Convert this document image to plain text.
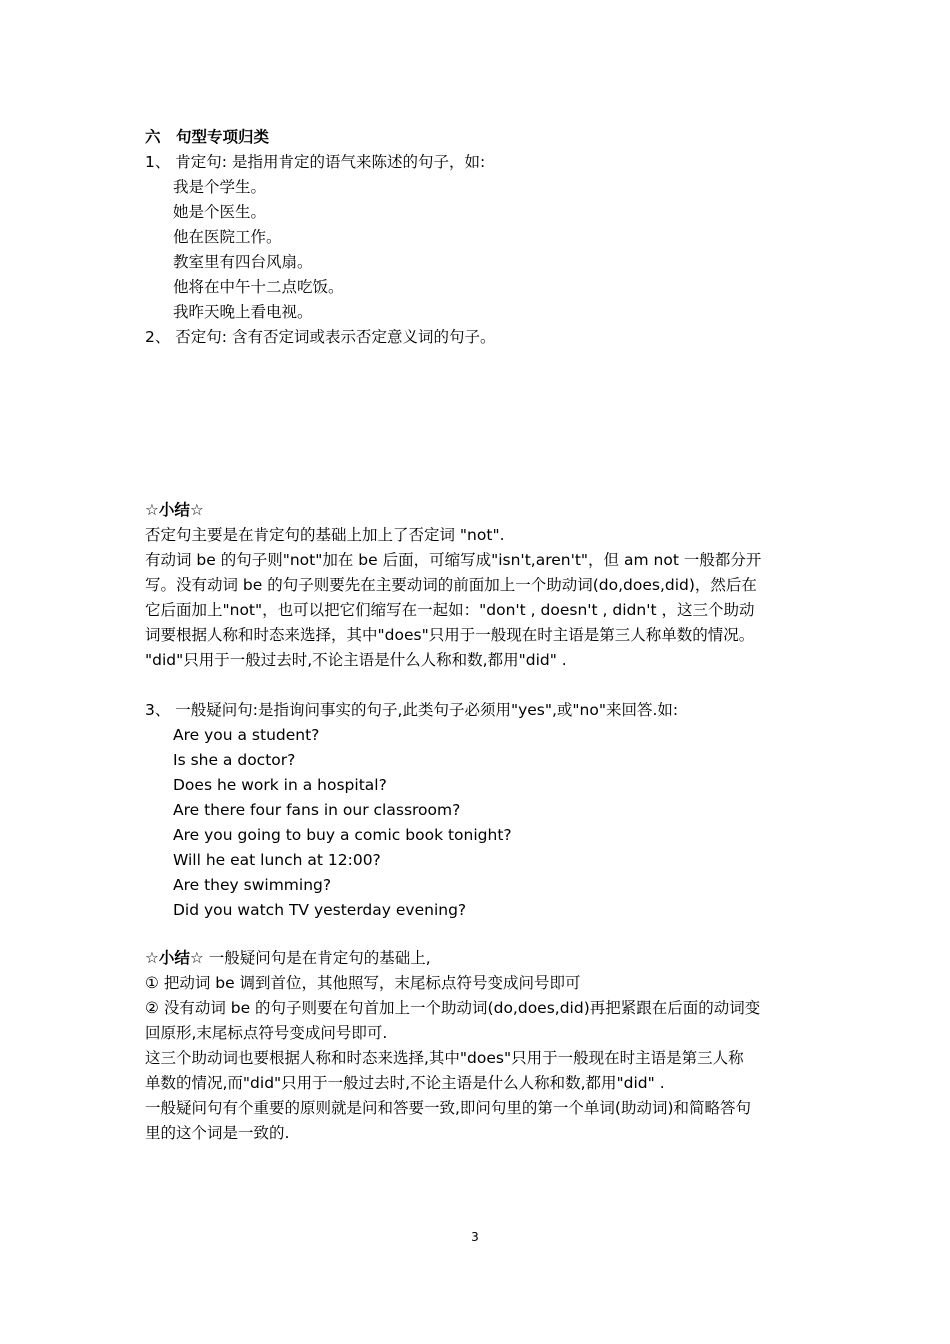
六　句型专项归类
1、 肯定句: 是指用肯定的语气来陈述的句子，如:
我是个学生。
她是个医生。
他在医院工作。
教室里有四台风扇。
他将在中午十二点吃饭。
我昨天晚上看电视。
2、 否定句: 含有否定词或表示否定意义词的句子。
☆小结☆
否定句主要是在肯定句的基础上加上了否定词 "not".
有动词 be 的句子则"not"加在 be 后面，可缩写成"isn't,aren't"，但 am not 一般都分开
写。没有动词 be 的句子则要先在主要动词的前面加上一个助动词(do,does,did)，然后在
它后面加上"not"，也可以把它们缩写在一起如："don't , doesn't , didn't ，这三个助动
词要根据人称和时态来选择，其中"does"只用于一般现在时主语是第三人称单数的情况。
"did"只用于一般过去时,不论主语是什么人称和数,都用"did" .
3、 一般疑问句:是指询问事实的句子,此类句子必须用"yes",或"no"来回答.如:
Are you a student?
Is she a doctor?
Does he work in a hospital?
Are there four fans in our classroom?
Are you going to buy a comic book tonight?
Will he eat lunch at 12:00?
Are they swimming?
Did you watch TV yesterday evening?
☆小结☆ 一般疑问句是在肯定句的基础上,
① 把动词 be 调到首位，其他照写，末尾标点符号变成问号即可
② 没有动词 be 的句子则要在句首加上一个助动词(do,does,did)再把紧跟在后面的动词变
回原形,末尾标点符号变成问号即可.
这三个助动词也要根据人称和时态来选择,其中"does"只用于一般现在时主语是第三人称
单数的情况,而"did"只用于一般过去时,不论主语是什么人称和数,都用"did" .
一般疑问句有个重要的原则就是问和答要一致,即问句里的第一个单词(助动词)和简略答句
里的这个词是一致的.
3
